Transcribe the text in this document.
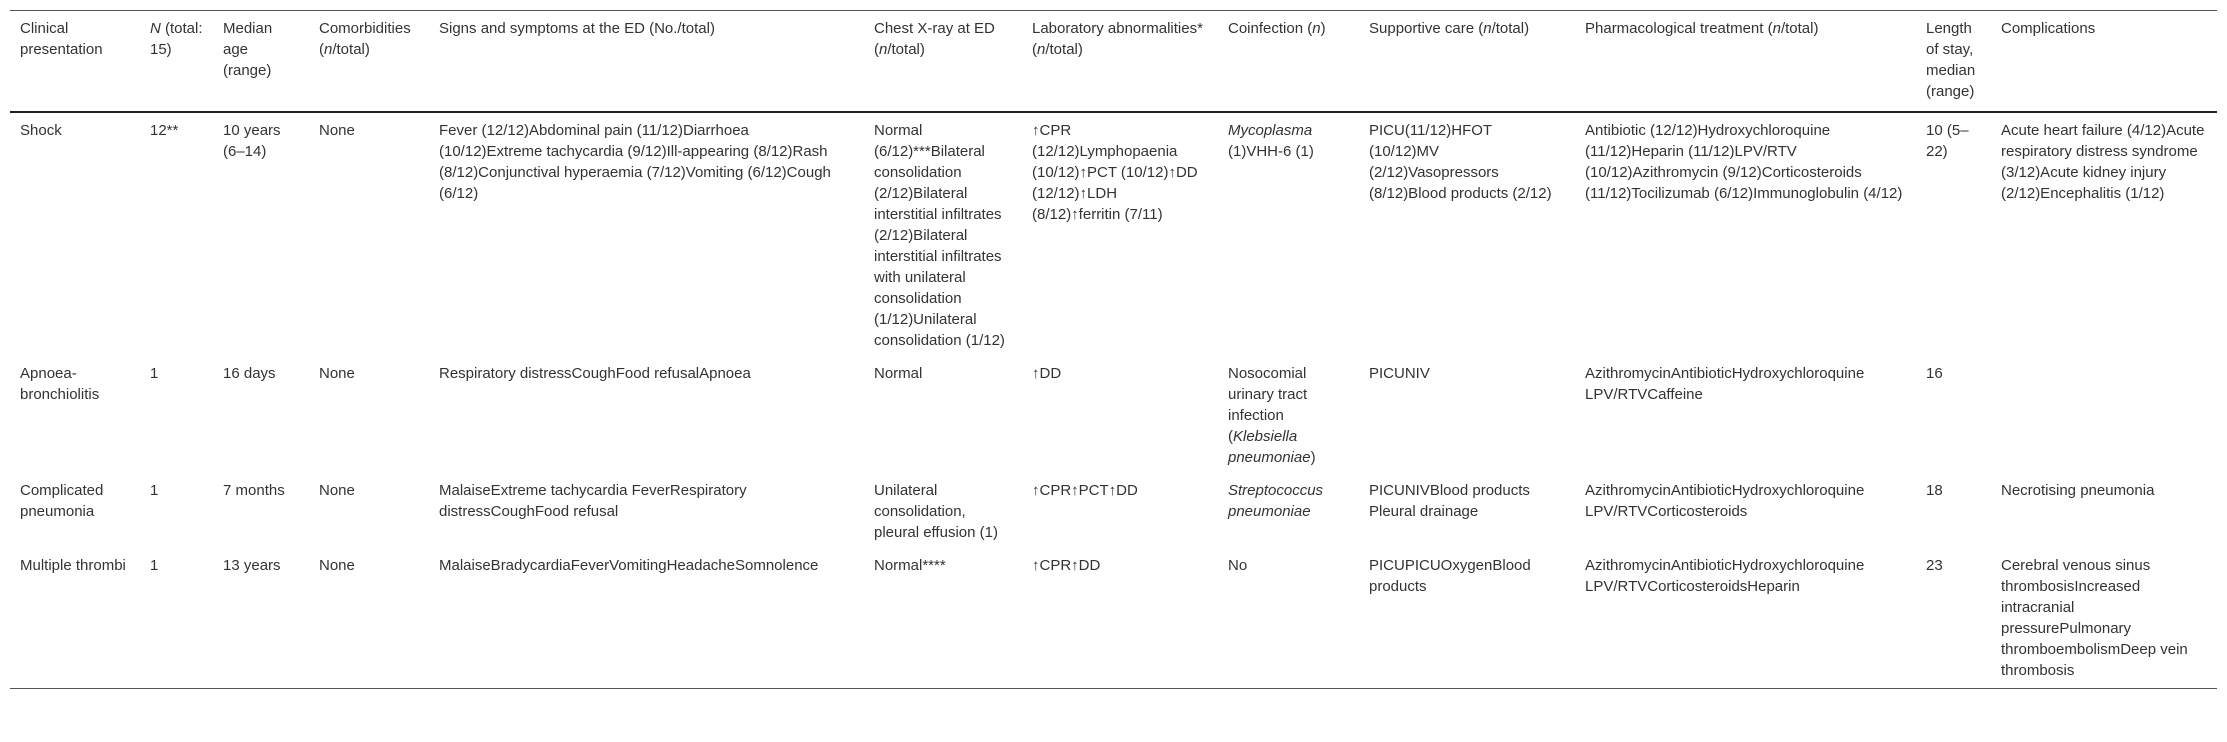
Clinical presentation	N (total: 15)	Median age (range)	Comorbidities (n/total)	Signs and symptoms at the ED (No./total)	Chest X-ray at ED (n/total)	Laboratory abnormalities* (n/total)	Coinfection (n)	Supportive care (n/total)	Pharmacological treatment (n/total)	Length of stay, median (range)	Complications
Shock	12**	10 years (6–14)	None	Fever (12/12)Abdominal pain (11/12)Diarrhoea (10/12)Extreme tachycardia (9/12)Ill-appearing (8/12)Rash (8/12)Conjunctival hyperaemia (7/12)Vomiting (6/12)Cough (6/12)	Normal (6/12)***Bilateral consolidation (2/12)Bilateral interstitial infiltrates (2/12)Bilateral interstitial infiltrates with unilateral consolidation (1/12)Unilateral consolidation (1/12)	↑CPR (12/12)Lymphopaenia (10/12)↑PCT (10/12)↑DD (12/12)↑LDH (8/12)↑ferritin (7/11)	Mycoplasma (1)VHH-6 (1)	PICU(11/12)HFOT (10/12)MV (2/12)Vasopressors (8/12)Blood products (2/12)	Antibiotic (12/12)Hydroxychloroquine (11/12)Heparin (11/12)LPV/RTV (10/12)Azithromycin (9/12)Corticosteroids (11/12)Tocilizumab (6/12)Immunoglobulin (4/12)	10 (5–22)	Acute heart failure (4/12)Acute respiratory distress syndrome (3/12)Acute kidney injury (2/12)Encephalitis (1/12)
Apnoea-bronchiolitis	1	16 days	None	Respiratory distressCoughFood refusalApnoea	Normal	↑DD	Nosocomial urinary tract infection (Klebsiella pneumoniae)	PICUNIV	AzithromycinAntibioticHydroxychloroquine LPV/RTVCaffeine	16	
Complicated pneumonia	1	7 months	None	MalaiseExtreme tachycardia FeverRespiratory distressCoughFood refusal	Unilateral consolidation, pleural effusion (1)	↑CPR↑PCT↑DD	Streptococcus pneumoniae	PICUNIVBlood products Pleural drainage	AzithromycinAntibioticHydroxychloroquine LPV/RTVCorticosteroids	18	Necrotising pneumonia
Multiple thrombi	1	13 years	None	MalaiseBradycardiaFeverVomitingHeadacheSomnolence	Normal****	↑CPR↑DD	No	PICUPICUOxygenBlood products	AzithromycinAntibioticHydroxychloroquine LPV/RTVCorticosteroidsHeparin	23	Cerebral venous sinus thrombosisIncreased intracranial pressurePulmonary thromboembolismDeep vein thrombosis
